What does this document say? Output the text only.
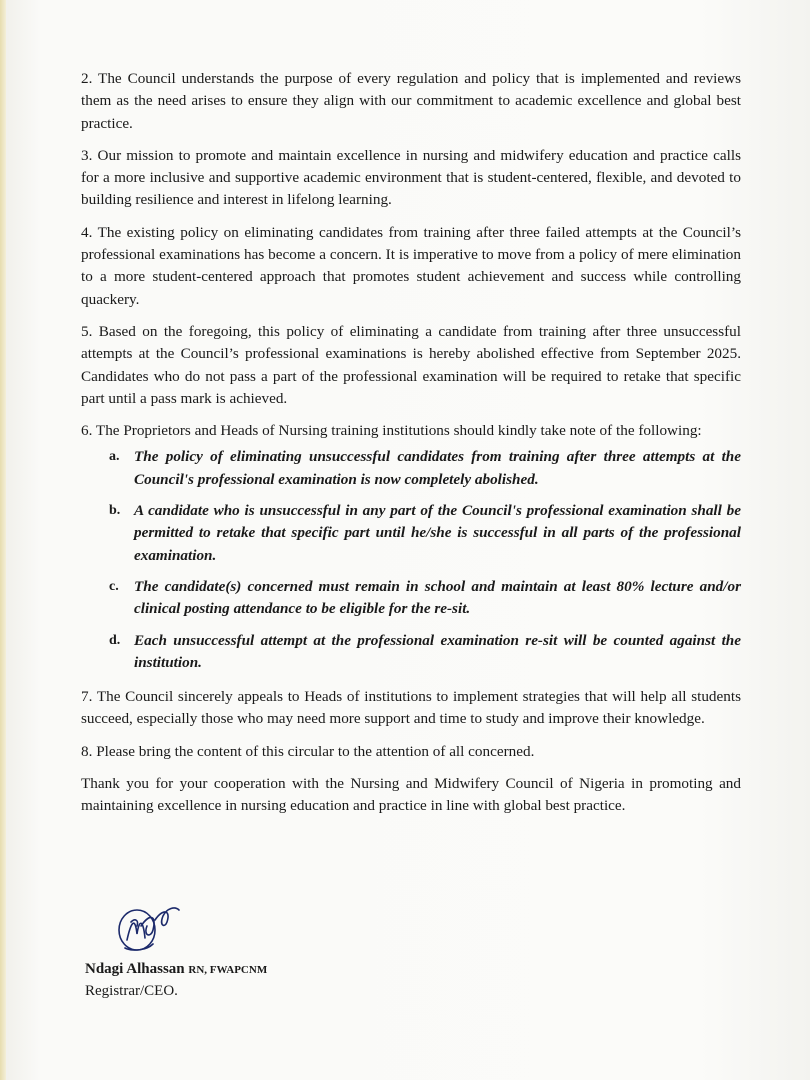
2. The Council understands the purpose of every regulation and policy that is implemented and reviews them as the need arises to ensure they align with our commitment to academic excellence and global best practice.

3. Our mission to promote and maintain excellence in nursing and midwifery education and practice calls for a more inclusive and supportive academic environment that is student-centered, flexible, and devoted to building resilience and interest in lifelong learning.

4. The existing policy on eliminating candidates from training after three failed attempts at the Council’s professional examinations has become a concern. It is imperative to move from a policy of mere elimination to a more student-centered approach that promotes student achievement and success while controlling quackery.

5. Based on the foregoing, this policy of eliminating a candidate from training after three unsuccessful attempts at the Council’s professional examinations is hereby abolished effective from September 2025. Candidates who do not pass a part of the professional examination will be required to retake that specific part until a pass mark is achieved.

6. The Proprietors and Heads of Nursing training institutions should kindly take note of the following:

a. The policy of eliminating unsuccessful candidates from training after three attempts at the Council's professional examination is now completely abolished.
b. A candidate who is unsuccessful in any part of the Council's professional examination shall be permitted to retake that specific part until he/she is successful in all parts of the professional examination.
c. The candidate(s) concerned must remain in school and maintain at least 80% lecture and/or clinical posting attendance to be eligible for the re-sit.
d. Each unsuccessful attempt at the professional examination re-sit will be counted against the institution.

7. The Council sincerely appeals to Heads of institutions to implement strategies that will help all students succeed, especially those who may need more support and time to study and improve their knowledge.

8. Please bring the content of this circular to the attention of all concerned.

Thank you for your cooperation with the Nursing and Midwifery Council of Nigeria in promoting and maintaining excellence in nursing education and practice in line with global best practice.

Ndagi Alhassan RN, FWAPCNM
Registrar/CEO.
